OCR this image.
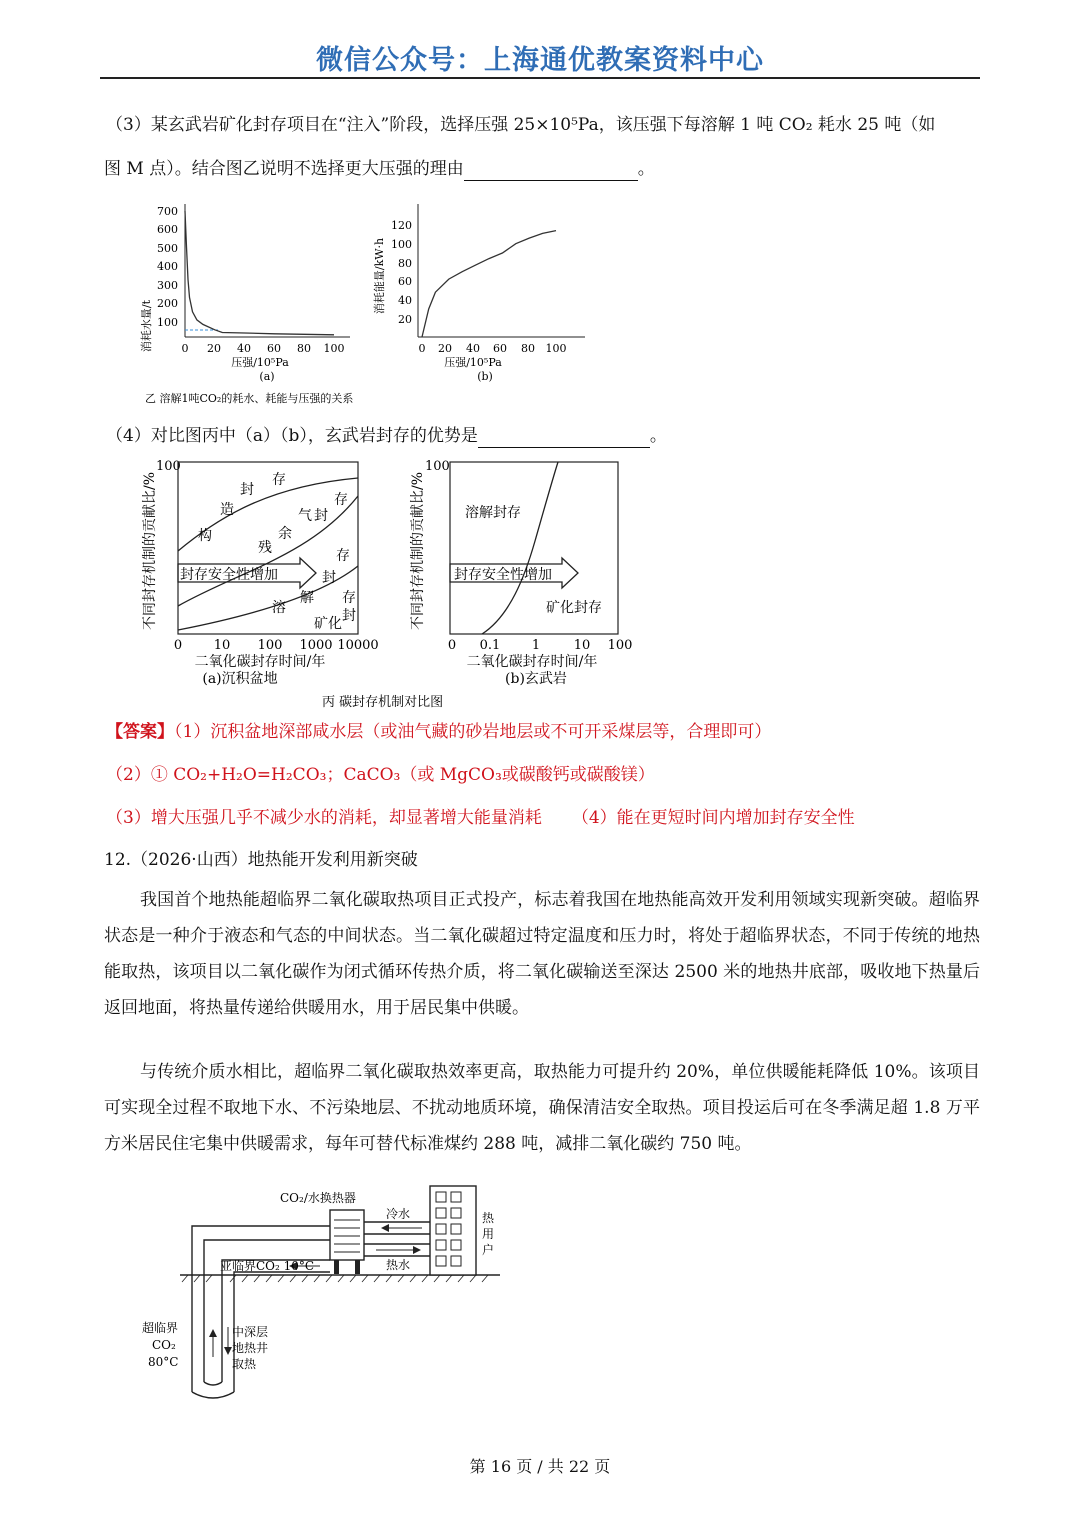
微信公众号：上海通优教案资料中心
（3）某玄武岩矿化封存项目在“注入”阶段，选择压强 25×10⁵Pa，该压强下每溶解 1 吨 CO₂ 耗水 25 吨（如
图 M 点）。结合图乙说明不选择更大压强的理由	。
消耗水量/t
700
600
500
400
300
200
100
0 20 40 60 80 100
压强/10⁵Pa
(a)
消耗能量/kW·h
120
100
80
60
40
20
0 20 40 60 80 100
压强/10⁵Pa
(b)
乙 溶解1吨CO₂的耗水、耗能与压强的关系
（4）对比图丙中（a）（b），玄武岩封存的优势是	。
不同封存机制的贡献比/%
100
构
造
封
存
残
余
气 封
存
存
封
溶
解 存
封
矿化
封存安全性增加
0 10 100 1000 10000
二氧化碳封存时间/年
(a)沉积盆地
不同封存机制的贡献比/%
100
溶解封存
矿化封存
封存安全性增加
0 0.1 1	10 100
二氧化碳封存时间/年
(b)玄武岩
丙 碳封存机制对比图
【答案】（1）沉积盆地深部咸水层（或油气藏的砂岩地层或不可开采煤层等，合理即可）
（2）① CO₂+H₂O=H₂CO₃；CaCO₃（或 MgCO₃或碳酸钙或碳酸镁）
（3）增大压强几乎不减少水的消耗，却显著增大能量消耗 （4）能在更短时间内增加封存安全性
12.（2026·山西）地热能开发利用新突破
我国首个地热能超临界二氧化碳取热项目正式投产，标志着我国在地热能高效开发利用领域实现新突破。超临界状态是一种介于液态和气态的中间状态。当二氧化碳超过特定温度和压力时，将处于超临界状态，不同于传统的地热能取热，该项目以二氧化碳作为闭式循环传热介质，将二氧化碳输送至深达 2500 米的地热井底部，吸收地下热量后返回地面，将热量传递给供暖用水，用于居民集中供暖。
与传统介质水相比，超临界二氧化碳取热效率更高，取热能力可提升约 20%，单位供暖能耗降低 10%。该项目可实现全过程不取地下水、不污染地层、不扰动地质环境，确保清洁安全取热。项目投运后可在冬季满足超 1.8 万平方米居民住宅集中供暖需求，每年可替代标准煤约 288 吨，减排二氧化碳约 750 吨。
CO₂/水换热器
冷水
热水
亚临界CO₂ 10°C
热
用
户
超临界
CO₂
80°C
中深层
地热井
取热
第 16 页 / 共 22 页
